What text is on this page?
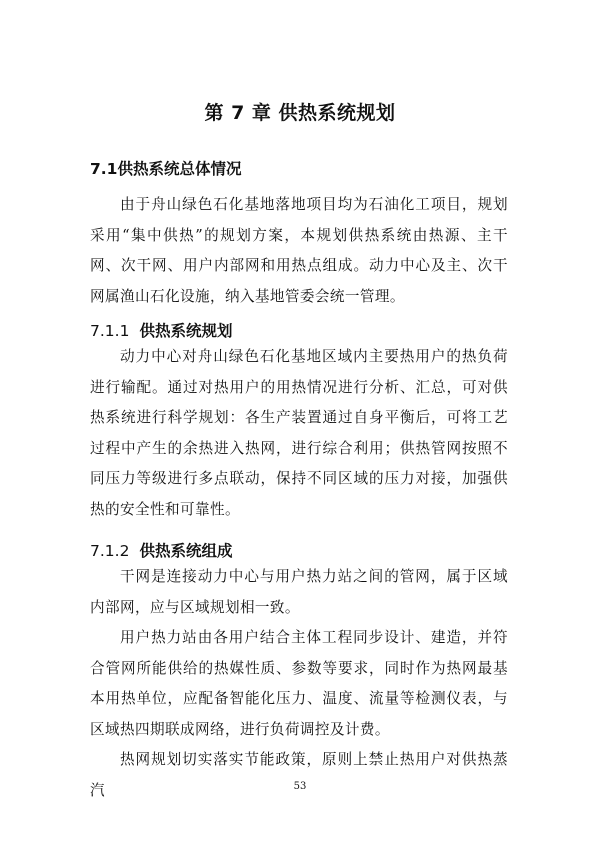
第 7 章 供热系统规划
7.1供热系统总体情况

由于舟山绿色石化基地落地项目均为石油化工项目，规划采用“集中供热”的规划方案，本规划供热系统由热源、主干网、次干网、用户内部网和用热点组成。动力中心及主、次干网属渔山石化设施，纳入基地管委会统一管理。

7.1.1 供热系统规划

动力中心对舟山绿色石化基地区域内主要热用户的热负荷进行输配。通过对热用户的用热情况进行分析、汇总，可对供热系统进行科学规划：各生产装置通过自身平衡后，可将工艺过程中产生的余热进入热网，进行综合利用；供热管网按照不同压力等级进行多点联动，保持不同区域的压力对接，加强供热的安全性和可靠性。

7.1.2 供热系统组成

干网是连接动力中心与用户热力站之间的管网，属于区域内部网，应与区域规划相一致。

用户热力站由各用户结合主体工程同步设计、建造，并符合管网所能供给的热媒性质、参数等要求，同时作为热网最基本用热单位，应配备智能化压力、温度、流量等检测仪表，与区域热四期联成网络，进行负荷调控及计费。

热网规划切实落实节能政策，原则上禁止热用户对供热蒸汽	53
